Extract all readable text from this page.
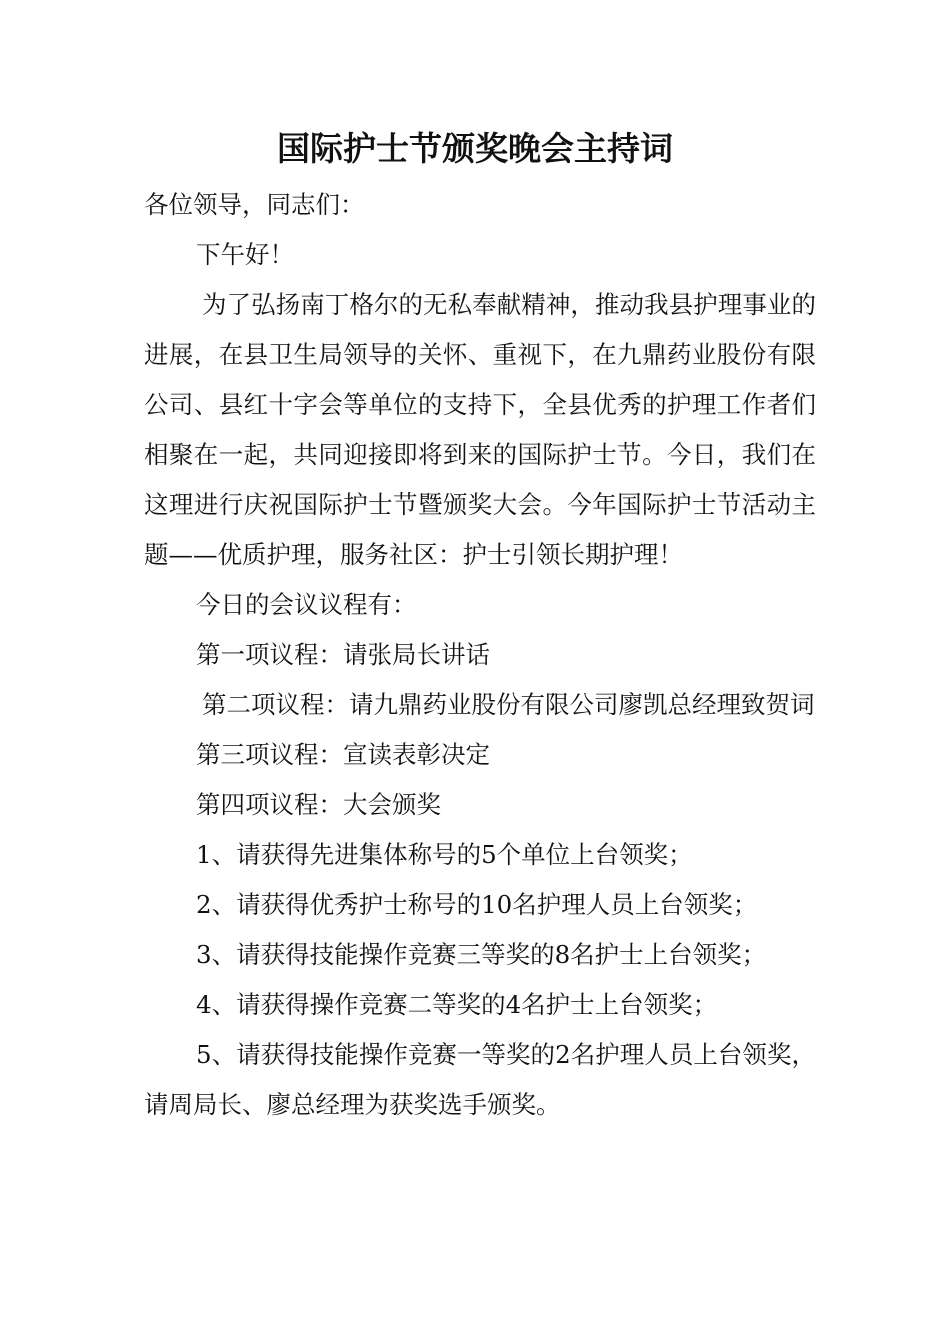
国际护士节颁奖晚会主持词

各位领导，同志们：

下午好！

为了弘扬南丁格尔的无私奉献精神，推动我县护理事业的进展，在县卫生局领导的关怀、重视下，在九鼎药业股份有限公司、县红十字会等单位的支持下，全县优秀的护理工作者们相聚在一起，共同迎接即将到来的国际护士节。今日，我们在这理进行庆祝国际护士节暨颁奖大会。今年国际护士节活动主题——优质护理，服务社区：护士引领长期护理！

今日的会议议程有：

第一项议程：请张局长讲话

第二项议程：请九鼎药业股份有限公司廖凯总经理致贺词

第三项议程：宣读表彰决定

第四项议程：大会颁奖

1、请获得先进集体称号的5个单位上台领奖；

2、请获得优秀护士称号的10名护理人员上台领奖；

3、请获得技能操作竞赛三等奖的8名护士上台领奖；

4、请获得操作竞赛二等奖的4名护士上台领奖；

5、请获得技能操作竞赛一等奖的2名护理人员上台领奖，请周局长、廖总经理为获奖选手颁奖。
